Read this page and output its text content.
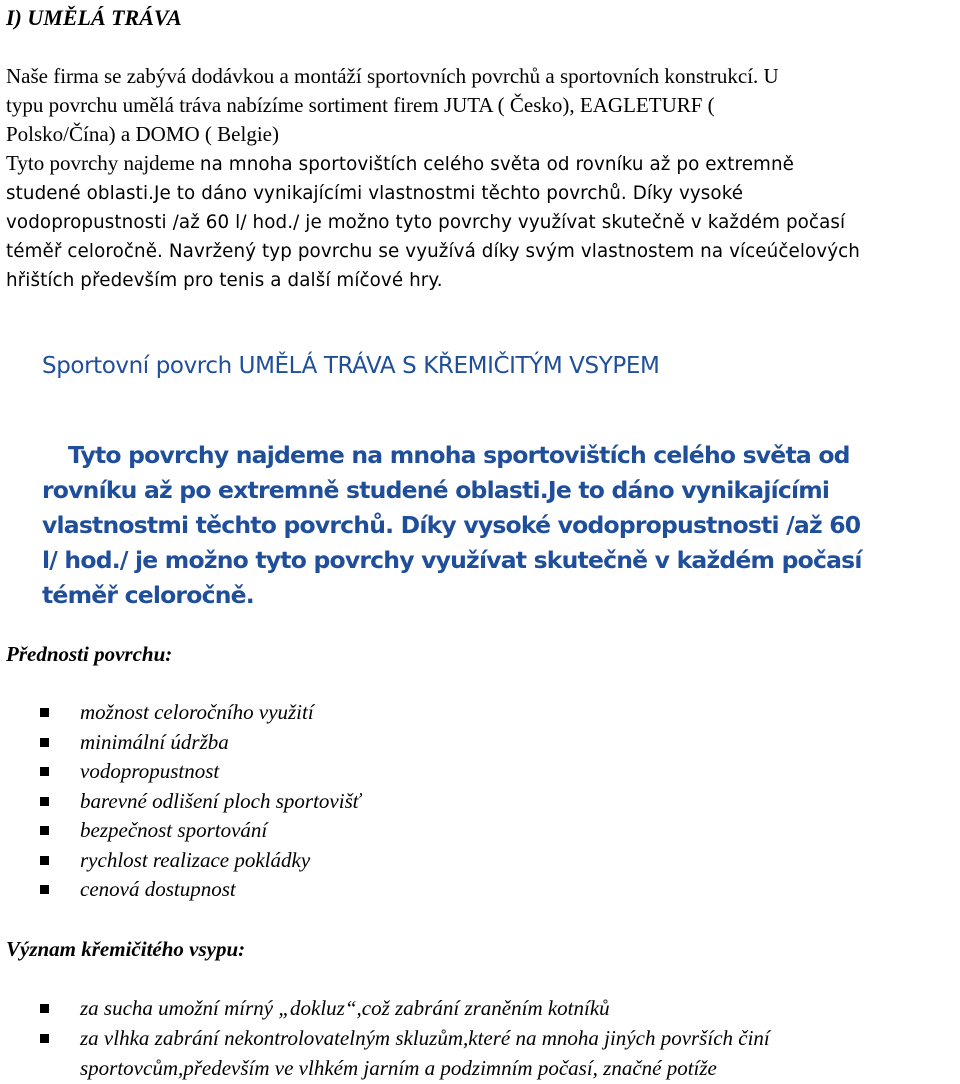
I) UMĚLÁ TRÁVA
Naše firma se zabývá dodávkou a montáží sportovních povrchů a sportovních konstrukcí. U
typu povrchu umělá tráva nabízíme sortiment firem JUTA ( Česko), EAGLETURF (
Polsko/Čína) a DOMO ( Belgie)
Tyto povrchy najdeme na mnoha sportovištích celého světa od rovníku až po extremně
studené oblasti.Je to dáno vynikajícími vlastnostmi těchto povrchů. Díky vysoké
vodopropustnosti /až 60 l/ hod./ je možno tyto povrchy využívat skutečně v každém počasí
téměř celoročně. Navržený typ povrchu se využívá díky svým vlastnostem na víceúčelových
hřištích především pro tenis a další míčové hry.
Sportovní povrch UMĚLÁ TRÁVA S KŘEMIČITÝM VSYPEM
Tyto povrchy najdeme na mnoha sportovištích celého světa od
rovníku až po extremně studené oblasti.Je to dáno vynikajícími
vlastnostmi těchto povrchů. Díky vysoké vodopropustnosti /až 60
l/ hod./ je možno tyto povrchy využívat skutečně v každém počasí
téměř celoročně.
Přednosti povrchu:
možnost celoročního využití
minimální údržba
vodopropustnost
barevné odlišení ploch sportovišť
bezpečnost sportování
rychlost realizace pokládky
cenová dostupnost
Význam křemičitého vsypu:
za sucha umožní mírný „dokluz“,což zabrání zraněním kotníků
za vlhka zabrání nekontrolovatelným skluzům,které na mnoha jiných površích činí
sportovcům,především ve vlhkém jarním a podzimním počasí, značné potíže
